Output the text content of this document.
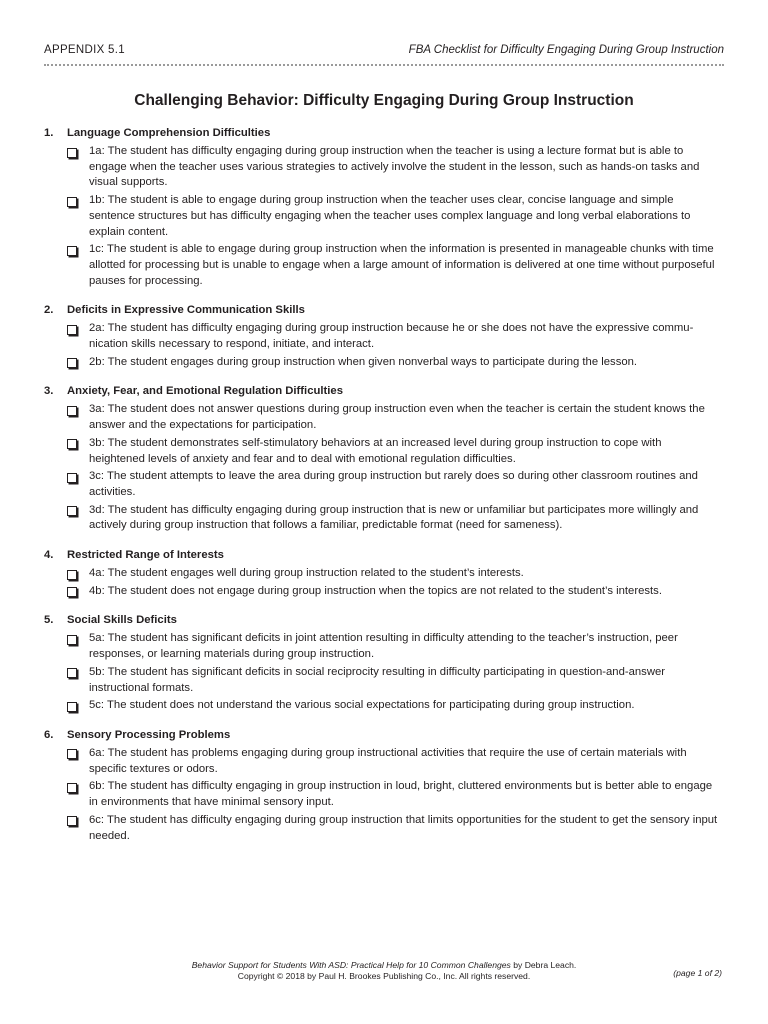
APPENDIX 5.1	FBA Checklist for Difficulty Engaging During Group Instruction
Challenging Behavior: Difficulty Engaging During Group Instruction
1.	Language Comprehension Difficulties
1a: The student has difficulty engaging during group instruction when the teacher is using a lecture format but is able to engage when the teacher uses various strategies to actively involve the student in the lesson, such as hands-on tasks and visual supports.
1b: The student is able to engage during group instruction when the teacher uses clear, concise language and simple sentence structures but has difficulty engaging when the teacher uses complex language and long verbal elaborations to explain content.
1c: The student is able to engage during group instruction when the information is presented in manageable chunks with time allotted for processing but is unable to engage when a large amount of information is delivered at one time without purposeful pauses for processing.
2.	Deficits in Expressive Communication Skills
2a: The student has difficulty engaging during group instruction because he or she does not have the expressive commu-nication skills necessary to respond, initiate, and interact.
2b: The student engages during group instruction when given nonverbal ways to participate during the lesson.
3.	Anxiety, Fear, and Emotional Regulation Difficulties
3a: The student does not answer questions during group instruction even when the teacher is certain the student knows the answer and the expectations for participation.
3b: The student demonstrates self-stimulatory behaviors at an increased level during group instruction to cope with heightened levels of anxiety and fear and to deal with emotional regulation difficulties.
3c: The student attempts to leave the area during group instruction but rarely does so during other classroom routines and activities.
3d: The student has difficulty engaging during group instruction that is new or unfamiliar but participates more willingly and actively during group instruction that follows a familiar, predictable format (need for sameness).
4.	Restricted Range of Interests
4a: The student engages well during group instruction related to the student’s interests.
4b: The student does not engage during group instruction when the topics are not related to the student’s interests.
5.	Social Skills Deficits
5a: The student has significant deficits in joint attention resulting in difficulty attending to the teacher’s instruction, peer responses, or learning materials during group instruction.
5b: The student has significant deficits in social reciprocity resulting in difficulty participating in question-and-answer instructional formats.
5c: The student does not understand the various social expectations for participating during group instruction.
6.	Sensory Processing Problems
6a: The student has problems engaging during group instructional activities that require the use of certain materials with specific textures or odors.
6b: The student has difficulty engaging in group instruction in loud, bright, cluttered environments but is better able to engage in environments that have minimal sensory input.
6c: The student has difficulty engaging during group instruction that limits opportunities for the student to get the sensory input needed.
Behavior Support for Students With ASD: Practical Help for 10 Common Challenges by Debra Leach.
Copyright © 2018 by Paul H. Brookes Publishing Co., Inc. All rights reserved.	(page 1 of 2)
